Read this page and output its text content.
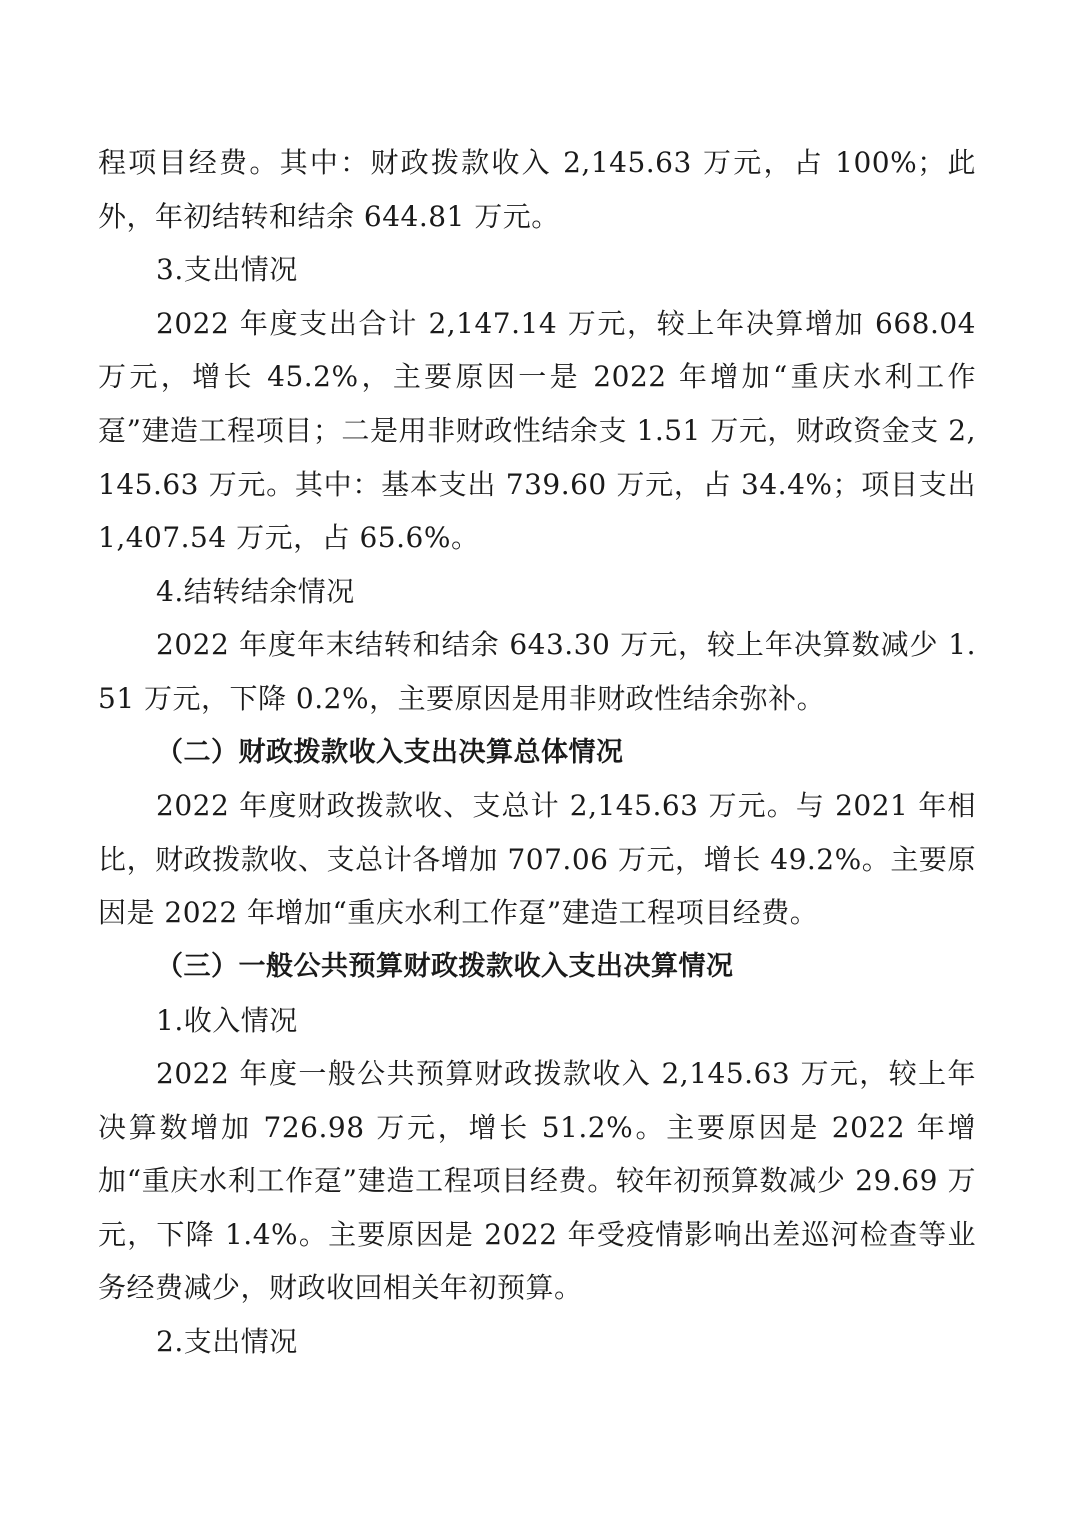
程项目经费。其中：财政拨款收入 2,145.63 万元，占 100%；此外，年初结转和结余 644.81 万元。

3.支出情况

2022 年度支出合计 2,147.14 万元，较上年决算增加 668.04 万元，增长 45.2%，主要原因一是 2022 年增加“重庆水利工作趸”建造工程项目；二是用非财政性结余支 1.51 万元，财政资金支 2,145.63 万元。其中：基本支出 739.60 万元，占 34.4%；项目支出 1,407.54 万元，占 65.6%。

4.结转结余情况

2022 年度年末结转和结余 643.30 万元，较上年决算数减少 1.51 万元，下降 0.2%，主要原因是用非财政性结余弥补。

（二）财政拨款收入支出决算总体情况

2022 年度财政拨款收、支总计 2,145.63 万元。与 2021 年相比，财政拨款收、支总计各增加 707.06 万元，增长 49.2%。主要原因是 2022 年增加“重庆水利工作趸”建造工程项目经费。

（三）一般公共预算财政拨款收入支出决算情况

1.收入情况

2022 年度一般公共预算财政拨款收入 2,145.63 万元，较上年决算数增加 726.98 万元，增长 51.2%。主要原因是 2022 年增加“重庆水利工作趸”建造工程项目经费。较年初预算数减少 29.69 万元，下降 1.4%。主要原因是 2022 年受疫情影响出差巡河检查等业务经费减少，财政收回相关年初预算。

2.支出情况
